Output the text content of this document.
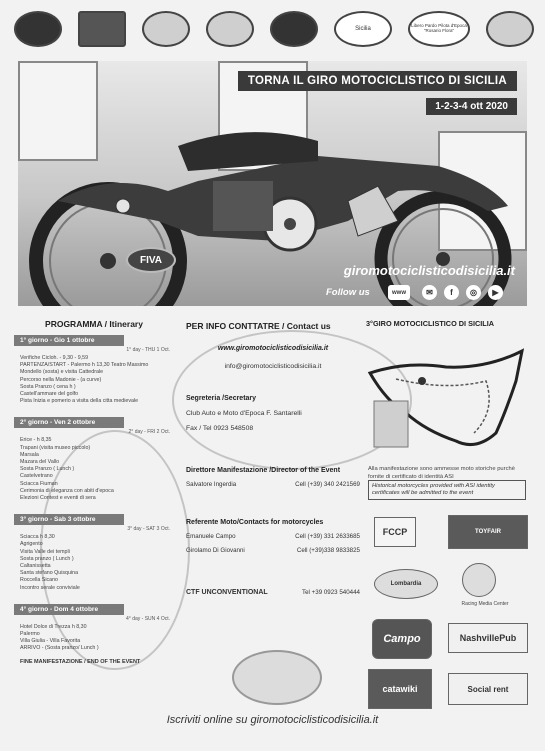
Sicilia
Libero Pardo Pilota d'Epoca "Rosario Flora"
FIVA
TORNA IL GIRO MOTOCICLISTICO DI SICILIA
1-2-3-4 ott 2020
giromotociclisticodisicilia.it
Follow us	www	✉	f	◎	▶
PROGRAMMA / Itinerary
1° giorno - Gio 1 ottobre
1° day - THU 1 Oct.
Verifiche Cicloh. - 9,30 - 9,59
PARTENZA/START - Palermo h 13,30 Teatro Massimo
Mondello (sosta) e visita Cattedrale
Percorso nella Madonie - (a curve)
Sosta Pranzo ( cena h )
Castell'ammare del golfo
Pista Inizia e pomerio a visita della citta medievale
2° giorno - Ven 2 ottobre
2° day - FRI 2 Oct.
Erice - h 8,35
Trapani (visita museo piccolo)
Marsala
Mazara del Vallo
Sosta Pranzo ( Lunch )
Castelvetrano
Sciacca Fiuman
Cerimonia di eleganza con abiti d'epoca
Elezioni Contest e eventi di sera
3° giorno - Sab 3 ottobre
3° day - SAT 3 Oct.
Sciacca h 8,30
Agrigento
Visita Valle dei templi
Sosta pranzo ( Lunch )
Caltanissetta
Santa stefano Quisquina
Roccella Sicano
Incontro serale conviviale
4° giorno - Dom 4 ottobre
4° day - SUN 4 Oct.
Hotel Dolce di Trezza h 8,30
Palermo
Villa Giulia - Villa Favorita
ARRIVO - (Sosta pranzo/ Lunch )
FINE MANIFESTAZIONE / END OF THE EVENT
PER INFO CONTTATRE / Contact us
www.giromotociclisticodisicilia.it
info@giromotociclisticodisicilia.it
Segreteria /Secretary
Club Auto e Moto d'Epoca F. Santarelli
Fax / Tel 0923 548508
Direttore Manifestazione /Director of the Event
Salvatore Ingerdia	Cell (+39) 340 2421569
Referente Moto/Contacts for motorcycles
Emanuele Campo	Cell (+39) 331 2633685
Girolamo Di Giovanni	Cell (+39)338 9833825
CTF UNCONVENTIONAL	Tel +39 0923 540444
3°GIRO MOTOCICLISTICO DI SICILIA
Alla manifestazione sono ammesse moto storiche purchè fornite di certificato di identità ASI
Historical motorcycles provided with ASI identity certificates will be admitted to the event
FCCP	TOYFAIR
Lombardia
Racing Media Center
Campo	NashvillePub
catawiki	Social rent
Iscriviti online su giromotociclisticodisicilia.it
